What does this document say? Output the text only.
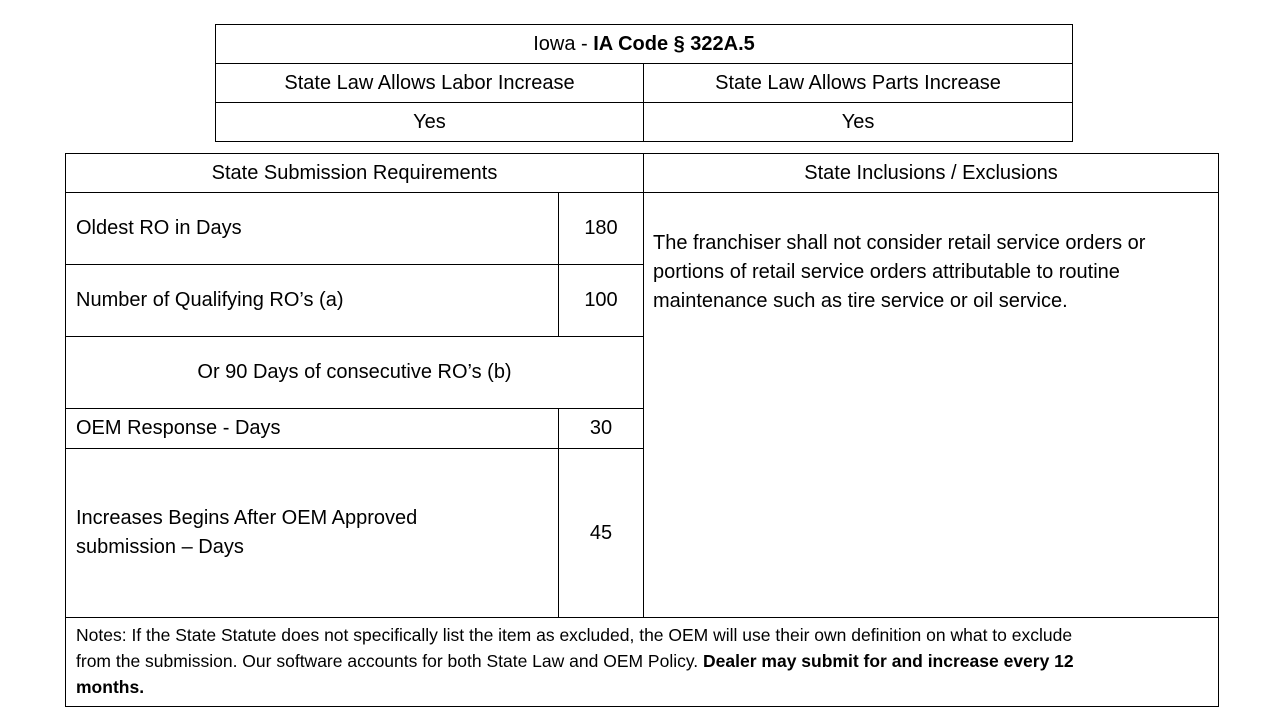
Iowa - IA Code § 322A.5	
State Law Allows Labor Increase	State Law Allows Parts Increase
Yes	Yes
State Submission Requirements		State Inclusions / Exclusions
Oldest RO in Days	180	The franchiser shall not consider retail service orders or
portions of retail service orders attributable to routine
maintenance such as tire service or oil service.

Number of Qualifying RO’s (a)	100	
Or 90 Days of consecutive RO’s (b)		
OEM Response - Days	30	

Increases Begins After OEM Approved
submission – Days	45	

Notes: If the State Statute does not specifically list the item as excluded, the OEM will use their own definition on what to exclude
from the submission. Our software accounts for both State Law and OEM Policy. Dealer may submit for and increase every 12
months.		
